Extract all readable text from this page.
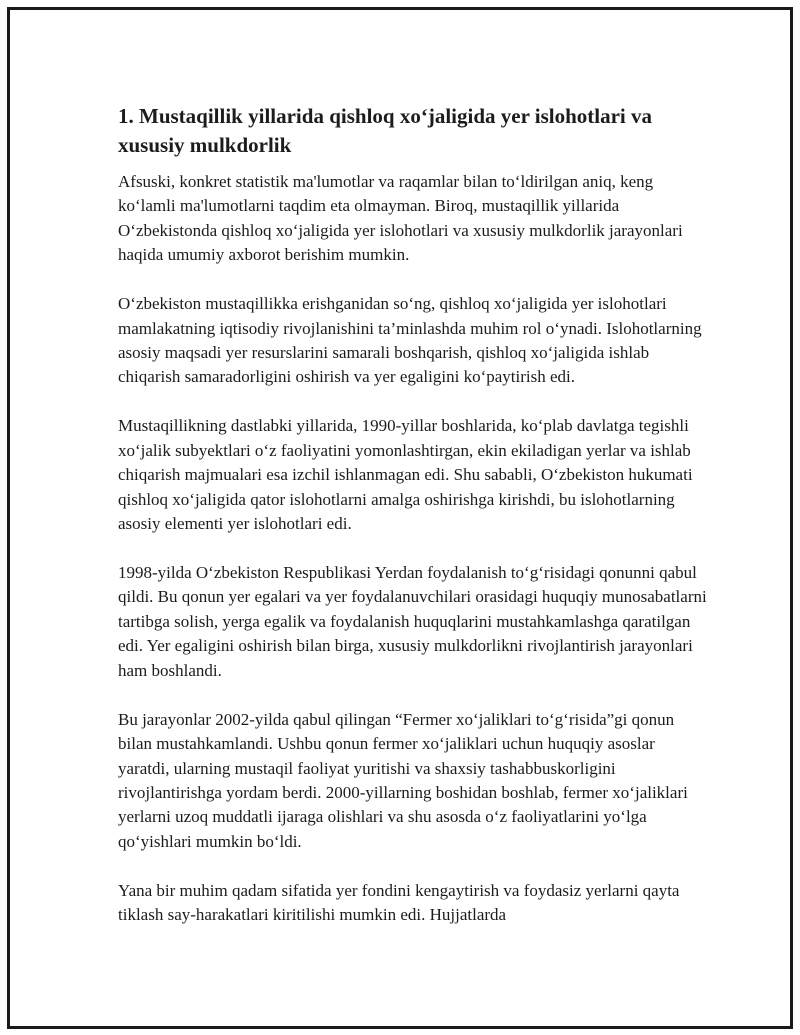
1. Mustaqillik yillarida qishloq xo‘jaligida yer islohotlari va xususiy mulkdorlik

Afsuski, konkret statistik ma'lumotlar va raqamlar bilan to‘ldirilgan aniq, keng ko‘lamli ma'lumotlarni taqdim eta olmayman. Biroq, mustaqillik yillarida O‘zbekistonda qishloq xo‘jaligida yer islohotlari va xususiy mulkdorlik jarayonlari haqida umumiy axborot berishim mumkin.

O‘zbekiston mustaqillikka erishganidan so‘ng, qishloq xo‘jaligida yer islohotlari mamlakatning iqtisodiy rivojlanishini ta’minlashda muhim rol o‘ynadi. Islohotlarning asosiy maqsadi yer resurslarini samarali boshqarish, qishloq xo‘jaligida ishlab chiqarish samaradorligini oshirish va yer egaligini ko‘paytirish edi.

Mustaqillikning dastlabki yillarida, 1990-yillar boshlarida, ko‘plab davlatga tegishli xo‘jalik subyektlari o‘z faoliyatini yomonlashtirgan, ekin ekiladigan yerlar va ishlab chiqarish majmualari esa izchil ishlanmagan edi. Shu sababli, O‘zbekiston hukumati qishloq xo‘jaligida qator islohotlarni amalga oshirishga kirishdi, bu islohotlarning asosiy elementi yer islohotlari edi.

1998-yilda O‘zbekiston Respublikasi Yerdan foydalanish to‘g‘risidagi qonunni qabul qildi. Bu qonun yer egalari va yer foydalanuvchilari orasidagi huquqiy munosabatlarni tartibga solish, yerga egalik va foydalanish huquqlarini mustahkamlashga qaratilgan edi. Yer egaligini oshirish bilan birga, xususiy mulkdorlikni rivojlantirish jarayonlari ham boshlandi.

Bu jarayonlar 2002-yilda qabul qilingan “Fermer xo‘jaliklari to‘g‘risida”gi qonun bilan mustahkamlandi. Ushbu qonun fermer xo‘jaliklari uchun huquqiy asoslar yaratdi, ularning mustaqil faoliyat yuritishi va shaxsiy tashabbuskorligini rivojlantirishga yordam berdi. 2000-yillarning boshidan boshlab, fermer xo‘jaliklari yerlarni uzoq muddatli ijaraga olishlari va shu asosda o‘z faoliyatlarini yo‘lga qo‘yishlari mumkin bo‘ldi.

Yana bir muhim qadam sifatida yer fondini kengaytirish va foydasiz yerlarni qayta tiklash say-harakatlari kiritilishi mumkin edi. Hujjatlarda
